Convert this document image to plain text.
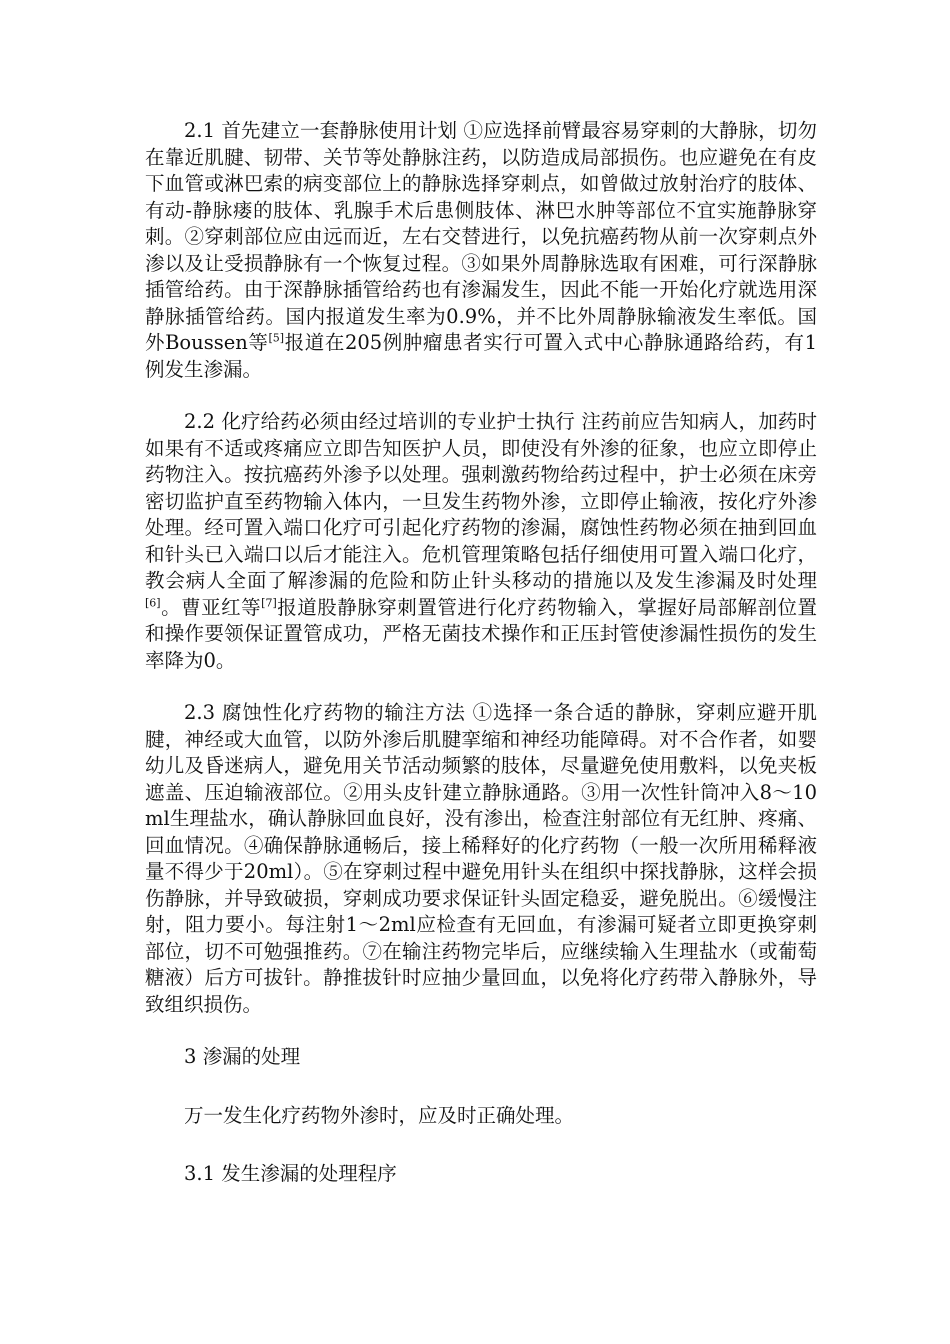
2.1 首先建立一套静脉使用计划 ①应选择前臂最容易穿刺的大静脉，切勿在靠近肌腱、韧带、关节等处静脉注药，以防造成局部损伤。也应避免在有皮下血管或淋巴索的病变部位上的静脉选择穿刺点，如曾做过放射治疗的肢体、有动-静脉瘘的肢体、乳腺手术后患侧肢体、淋巴水肿等部位不宜实施静脉穿刺。②穿刺部位应由远而近，左右交替进行，以免抗癌药物从前一次穿刺点外渗以及让受损静脉有一个恢复过程。③如果外周静脉选取有困难，可行深静脉插管给药。由于深静脉插管给药也有渗漏发生，因此不能一开始化疗就选用深静脉插管给药。国内报道发生率为0.9%，并不比外周静脉输液发生率低。国外Boussen等[5]报道在205例肿瘤患者实行可置入式中心静脉通路给药，有1例发生渗漏。

2.2 化疗给药必须由经过培训的专业护士执行 注药前应告知病人，加药时如果有不适或疼痛应立即告知医护人员，即使没有外渗的征象，也应立即停止药物注入。按抗癌药外渗予以处理。强刺激药物给药过程中，护士必须在床旁密切监护直至药物输入体内，一旦发生药物外渗，立即停止输液，按化疗外渗处理。经可置入端口化疗可引起化疗药物的渗漏，腐蚀性药物必须在抽到回血和针头已入端口以后才能注入。危机管理策略包括仔细使用可置入端口化疗，教会病人全面了解渗漏的危险和防止针头移动的措施以及发生渗漏及时处理[6]。曹亚红等[7]报道股静脉穿刺置管进行化疗药物输入，掌握好局部解剖位置和操作要领保证置管成功，严格无菌技术操作和正压封管使渗漏性损伤的发生率降为0。

2.3 腐蚀性化疗药物的输注方法 ①选择一条合适的静脉，穿刺应避开肌腱，神经或大血管，以防外渗后肌腱挛缩和神经功能障碍。对不合作者，如婴幼儿及昏迷病人，避免用关节活动频繁的肢体，尽量避免使用敷料，以免夹板遮盖、压迫输液部位。②用头皮针建立静脉通路。③用一次性针筒冲入8～10ml生理盐水，确认静脉回血良好，没有渗出，检查注射部位有无红肿、疼痛、回血情况。④确保静脉通畅后，接上稀释好的化疗药物（一般一次所用稀释液量不得少于20ml）。⑤在穿刺过程中避免用针头在组织中探找静脉，这样会损伤静脉，并导致破损，穿刺成功要求保证针头固定稳妥，避免脱出。⑥缓慢注射，阻力要小。每注射1～2ml应检查有无回血，有渗漏可疑者立即更换穿刺部位，切不可勉强推药。⑦在输注药物完毕后，应继续输入生理盐水（或葡萄糖液）后方可拔针。静推拔针时应抽少量回血，以免将化疗药带入静脉外，导致组织损伤。

3 渗漏的处理

万一发生化疗药物外渗时，应及时正确处理。

3.1 发生渗漏的处理程序
